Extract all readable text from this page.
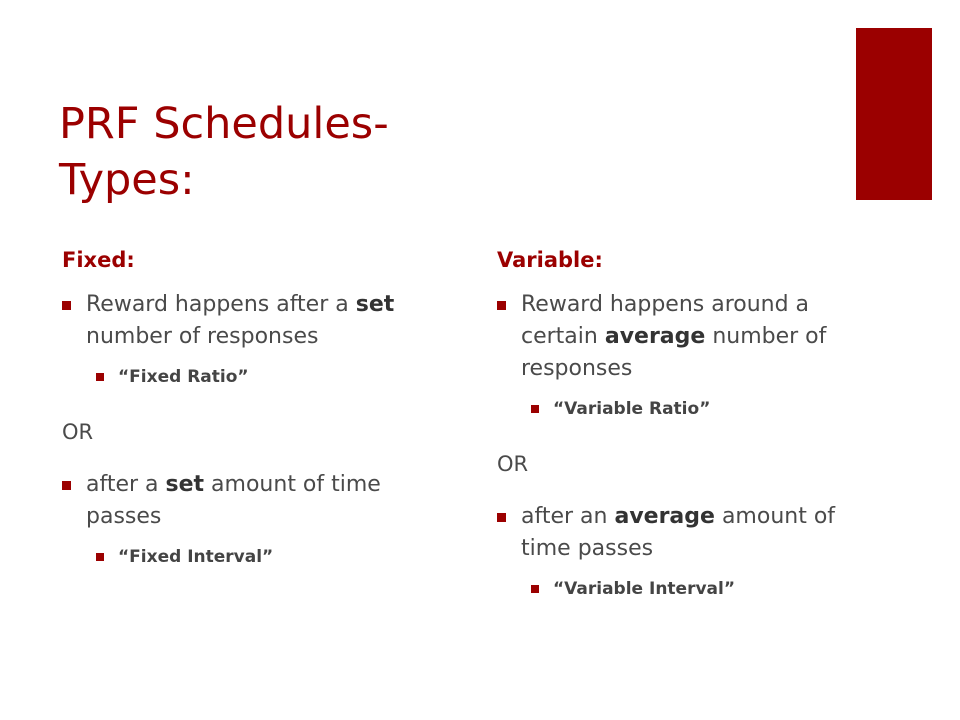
PRF Schedules-
Types:
Fixed:
Reward happens after a set number of responses
“Fixed Ratio”
OR
after a set amount of time passes
“Fixed Interval”
Variable:
Reward happens around a certain average number of responses
“Variable Ratio”
OR
after an average amount of time passes
“Variable Interval”
